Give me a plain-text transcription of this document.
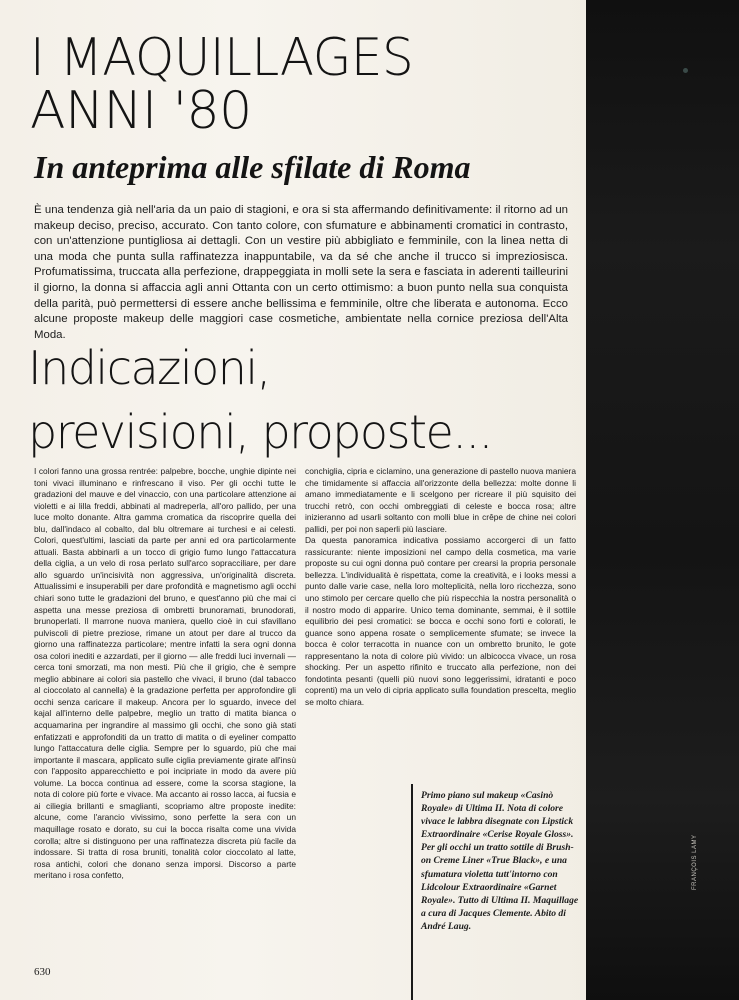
FRANÇOIS LAMY
I MAQUILLAGES
ANNI '80
In anteprima alle sfilate di Roma
È una tendenza già nell'aria da un paio di stagioni, e ora si sta affermando definitivamente: il ritorno ad un makeup deciso, preciso, accurato. Con tanto colore, con sfumature e abbinamenti cromatici in contrasto, con un'attenzione puntigliosa ai dettagli. Con un vestire più abbigliato e femminile, con la linea netta di una moda che punta sulla raffinatezza inappuntabile, va da sé che anche il trucco si impreziosisca. Profumatissima, truccata alla perfezione, drappeggiata in molli sete la sera e fasciata in aderenti tailleurini il giorno, la donna si affaccia agli anni Ottanta con un certo ottimismo: a buon punto nella sua conquista della parità, può permettersi di essere anche bellissima e femminile, oltre che liberata e autonoma. Ecco alcune proposte makeup delle maggiori case cosmetiche, ambientate nella cornice preziosa dell'Alta Moda.
Indicazioni,
previsioni, proposte...

I colori fanno una grossa rentrée: palpebre, bocche, unghie dipinte nei toni vivaci illuminano e rinfrescano il viso. Per gli occhi tutte le gradazioni del mauve e del vinaccio, con una particolare attenzione ai violetti e ai lilla freddi, abbinati al madreperla, all'oro pallido, per una luce molto donante. Altra gamma cromatica da riscoprire quella dei blu, dall'indaco al cobalto, dal blu oltremare ai turchesi e ai celesti. Colori, quest'ultimi, lasciati da parte per anni ed ora particolarmente attuali. Basta abbinarli a un tocco di grigio fumo lungo l'attaccatura della ciglia, a un velo di rosa perlato sull'arco sopracciliare, per dare allo sguardo un'incisività non aggressiva, un'originalità discreta. Attualissimi e insuperabili per dare profondità e magnetismo agli occhi chiari sono tutte le gradazioni del bruno, e quest'anno più che mai ci aspetta una messe preziosa di ombretti brunoramati, brunodorati, brunoperlati. Il marrone nuova maniera, quello cioè in cui sfavillano pulviscoli di pietre preziose, rimane un atout per dare al trucco da giorno una raffinatezza particolare; mentre infatti la sera ogni donna osa colori inediti e azzardati, per il giorno — alle freddi luci invernali — cerca toni smorzati, ma non mesti. Più che il grigio, che è sempre meglio abbinare ai colori sia pastello che vivaci, il bruno (dal tabacco al cioccolato al cannella) è la gradazione perfetta per approfondire gli occhi senza caricare il makeup. Ancora per lo sguardo, invece del kajal all'interno delle palpebre, meglio un tratto di matita bianca o acquamarina per ingrandire al massimo gli occhi, che sono già stati enfatizzati e approfonditi da un tratto di matita o di eyeliner compatto lungo l'attaccatura delle ciglia. Sempre per lo sguardo, più che mai importante il mascara, applicato sulle ciglia previamente girate all'insù con l'apposito apparecchietto e poi incipriate in modo da avere più volume. La bocca continua ad essere, come la scorsa stagione, la nota di colore più forte e vivace. Ma accanto ai rosso lacca, ai fucsia e ai ciliegia brillanti e smaglianti, scopriamo altre proposte inedite: alcune, come l'arancio vivissimo, sono perfette la sera con un maquillage rosato e dorato, su cui la bocca risalta come una vivida corolla; altre si distinguono per una raffinatezza discreta più facile da indossare. Si tratta di rosa bruniti, tonalità color cioccolato al latte, rosa antichi, colori che donano senza imporsi. Discorso a parte meritano i rosa confetto,

conchiglia, cipria e ciclamino, una generazione di pastello nuova maniera che timidamente si affaccia all'orizzonte della bellezza: molte donne li amano immediatamente e li scelgono per ricreare il più squisito dei trucchi retrò, con occhi ombreggiati di celeste e bocca rosa; altre inizieranno ad usarli soltanto con molli blue in crêpe de chine nei colori pallidi, per poi non saperli più lasciare.

Da questa panoramica indicativa possiamo accorgerci di un fatto rassicurante: niente imposizioni nel campo della cosmetica, ma varie proposte su cui ogni donna può contare per crearsi la propria personale bellezza. L'individualità è rispettata, come la creatività, e i looks messi a punto dalle varie case, nella loro molteplicità, nella loro ricchezza, sono uno stimolo per cercare quello che più rispecchia la nostra personalità o il nostro modo di apparire. Unico tema dominante, semmai, è il sottile equilibrio dei pesi cromatici: se bocca e occhi sono forti e colorati, le guance sono appena rosate o semplicemente sfumate; se invece la bocca è color terracotta in nuance con un ombretto brunito, le gote rappresentano la nota di colore più vivido: un albicocca vivace, un rosa shocking. Per un aspetto rifinito e truccato alla perfezione, non dei fondotinta pesanti (quelli più nuovi sono leggerissimi, idratanti e poco coprenti) ma un velo di cipria applicato sulla foundation prescelta, meglio se molto chiara.

Primo piano sul makeup «Casinò Royale» di Ultima II. Nota di colore vivace le labbra disegnate con Lipstick Extraordinaire «Cerise Royale Gloss». Per gli occhi un tratto sottile di Brush-on Creme Liner «True Black», e una sfumatura violetta tutt'intorno con Lidcolour Extraordinaire «Garnet Royale». Tutto di Ultima II. Maquillage a cura di Jacques Clemente. Abito di André Laug.
630
